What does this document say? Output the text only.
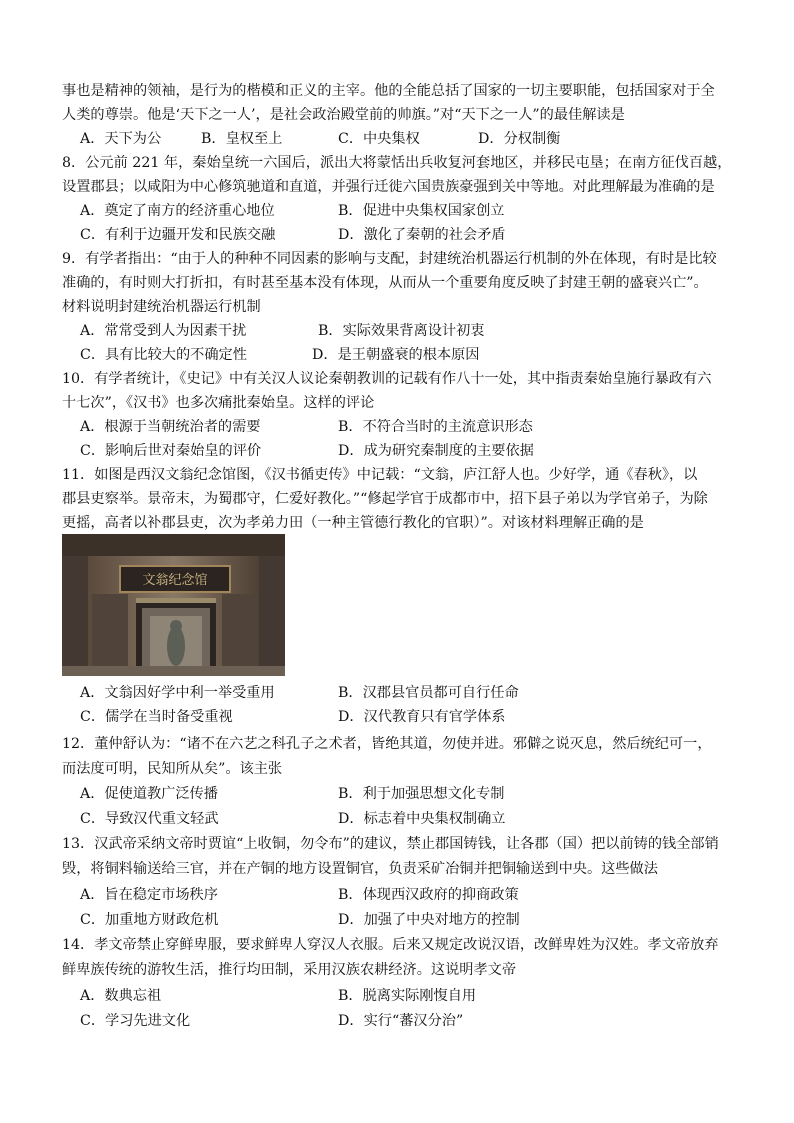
事也是精神的领袖，是行为的楷模和正义的主宰。他的全能总括了国家的一切主要职能，包括国家对于全
人类的尊崇。他是‘天下之一人’，是社会政治殿堂前的帅旗。”对“天下之一人”的最佳解读是
A．天下为公	B．皇权至上	C．中央集权	D．分权制衡
8．公元前 221 年，秦始皇统一六国后，派出大将蒙恬出兵收复河套地区，并移民屯垦；在南方征伐百越，
设置郡县；以咸阳为中心修筑驰道和直道，并强行迁徙六国贵族豪强到关中等地。对此理解最为准确的是
A．奠定了南方的经济重心地位	B．促进中央集权国家创立
C．有利于边疆开发和民族交融	D．激化了秦朝的社会矛盾
9．有学者指出：“由于人的种种不同因素的影响与支配，封建统治机器运行机制的外在体现，有时是比较
准确的，有时则大打折扣，有时甚至基本没有体现，从而从一个重要角度反映了封建王朝的盛衰兴亡”。
材料说明封建统治机器运行机制
A．常常受到人为因素干扰	B．实际效果背离设计初衷
C．具有比较大的不确定性	D．是王朝盛衰的根本原因
10．有学者统计，《史记》中有关汉人议论秦朝教训的记载有作八十一处，其中指责秦始皇施行暴政有六
十七次”，《汉书》也多次痛批秦始皇。这样的评论
A．根源于当朝统治者的需要	B．不符合当时的主流意识形态
C．影响后世对秦始皇的评价	D．成为研究秦制度的主要依据
11．如图是西汉文翁纪念馆图，《汉书循吏传》中记载：“文翁，庐江舒人也。少好学，通《春秋》，以
郡县吏察举。景帝末，为蜀郡守，仁爱好教化。”“修起学官于成都市中，招下县子弟以为学官弟子，为除
更摇，高者以补郡县吏，次为孝弟力田（一种主管德行教化的官职）”。对该材料理解正确的是
文翁纪念馆
A．文翁因好学中利一举受重用	B．汉郡县官员都可自行任命
C．儒学在当时备受重视	D．汉代教育只有官学体系
12．董仲舒认为：“诸不在六艺之科孔子之术者，皆绝其道，勿使并进。邪僻之说灭息，然后统纪可一，
而法度可明，民知所从矣”。该主张
A．促使道教广泛传播	B．利于加强思想文化专制
C．导致汉代重文轻武	D．标志着中央集权制确立
13．汉武帝采纳文帝时贾谊“上收铜，勿令布”的建议，禁止郡国铸钱，让各郡（国）把以前铸的钱全部销
毁，将铜料输送给三官，并在产铜的地方设置铜官，负责采矿冶铜并把铜输送到中央。这些做法
A．旨在稳定市场秩序	B．体现西汉政府的抑商政策
C．加重地方财政危机	D．加强了中央对地方的控制
14．孝文帝禁止穿鲜卑服，要求鲜卑人穿汉人衣服。后来又规定改说汉语，改鲜卑姓为汉姓。孝文帝放弃
鲜卑族传统的游牧生活，推行均田制，采用汉族农耕经济。这说明孝文帝
A．数典忘祖	B．脱离实际刚愎自用
C．学习先进文化	D．实行“蕃汉分治”
